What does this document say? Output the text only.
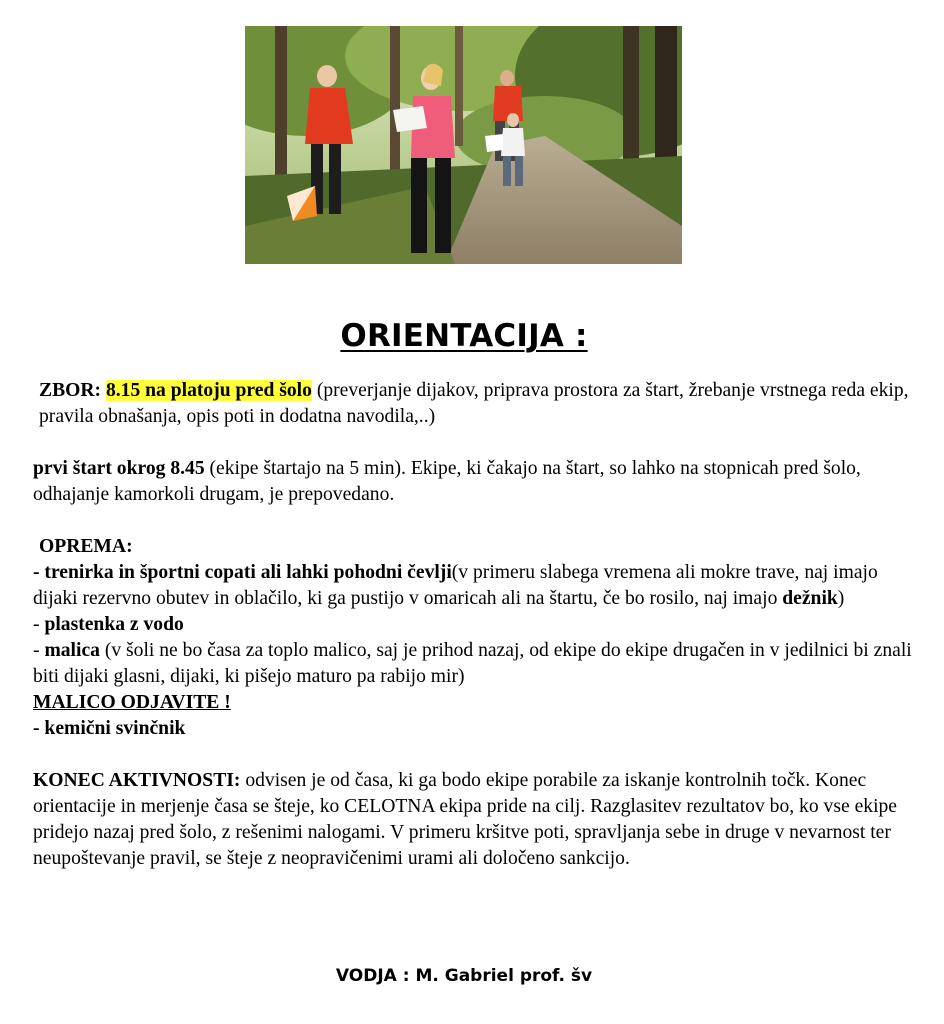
ORIENTACIJA :

ZBOR: 8.15 na platoju pred šolo (preverjanje dijakov, priprava prostora za štart, žrebanje vrstnega reda ekip, pravila obnašanja, opis poti in dodatna navodila,..)

prvi štart okrog 8.45 (ekipe štartajo na 5 min). Ekipe, ki čakajo na štart, so lahko na stopnicah pred šolo, odhajanje kamorkoli drugam, je prepovedano.

OPREMA:

- trenirka in športni copati ali lahki pohodni čevlji(v primeru slabega vremena ali mokre trave, naj imajo dijaki rezervno obutev in oblačilo, ki ga pustijo v omaricah ali na štartu, če bo rosilo, naj imajo dežnik)

- plastenka z vodo

- malica (v šoli ne bo časa za toplo malico, saj je prihod nazaj, od ekipe do ekipe drugačen in v jedilnici bi znali biti dijaki glasni, dijaki, ki pišejo maturo pa rabijo mir)

MALICO ODJAVITE !

- kemični svinčnik

KONEC AKTIVNOSTI: odvisen je od časa, ki ga bodo ekipe porabile za iskanje kontrolnih točk. Konec orientacije in merjenje časa se šteje, ko CELOTNA ekipa pride na cilj. Razglasitev rezultatov bo, ko vse ekipe pridejo nazaj pred šolo, z rešenimi nalogami. V primeru kršitve poti, spravljanja sebe in druge v nevarnost ter neupoštevanje pravil, se šteje z neopravičenimi urami ali določeno sankcijo.

VODJA : M. Gabriel prof. šv
